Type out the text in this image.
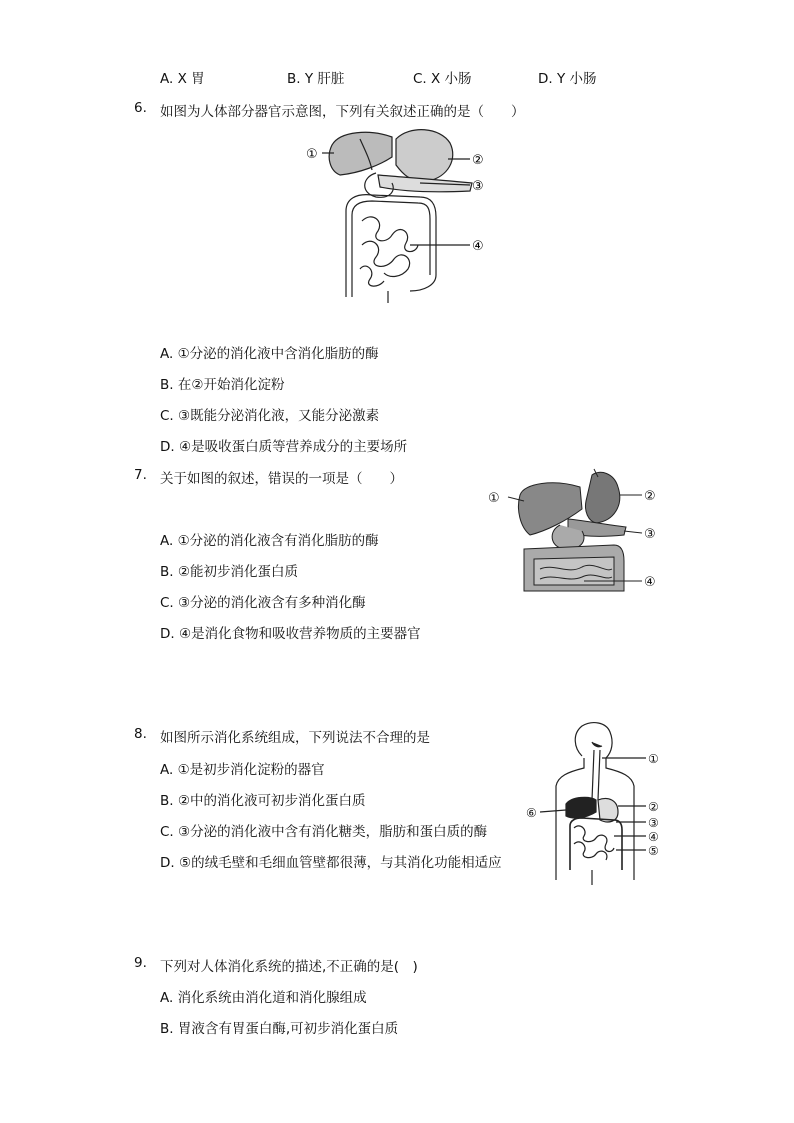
A. X 胃	B. Y 肝脏	C. X 小肠	D. Y 小肠
6. 如图为人体部分器官示意图，下列有关叙述正确的是（　　）
①	②
③
④
A. ①分泌的消化液中含消化脂肪的酶
B. 在②开始消化淀粉
C. ③既能分泌消化液，又能分泌激素
D. ④是吸收蛋白质等营养成分的主要场所
7. 关于如图的叙述，错误的一项是（　　）
①	②
③
④
A. ①分泌的消化液含有消化脂肪的酶
B. ②能初步消化蛋白质
C. ③分泌的消化液含有多种消化酶
D. ④是消化食物和吸收营养物质的主要器官
8. 如图所示消化系统组成，下列说法不合理的是
①
②
③
④
⑤
⑥
A. ①是初步消化淀粉的器官
B. ②中的消化液可初步消化蛋白质
C. ③分泌的消化液中含有消化糖类，脂肪和蛋白质的酶
D. ⑤的绒毛壁和毛细血管壁都很薄，与其消化功能相适应
9. 下列对人体消化系统的描述,不正确的是(　)
A. 消化系统由消化道和消化腺组成
B. 胃液含有胃蛋白酶,可初步消化蛋白质
